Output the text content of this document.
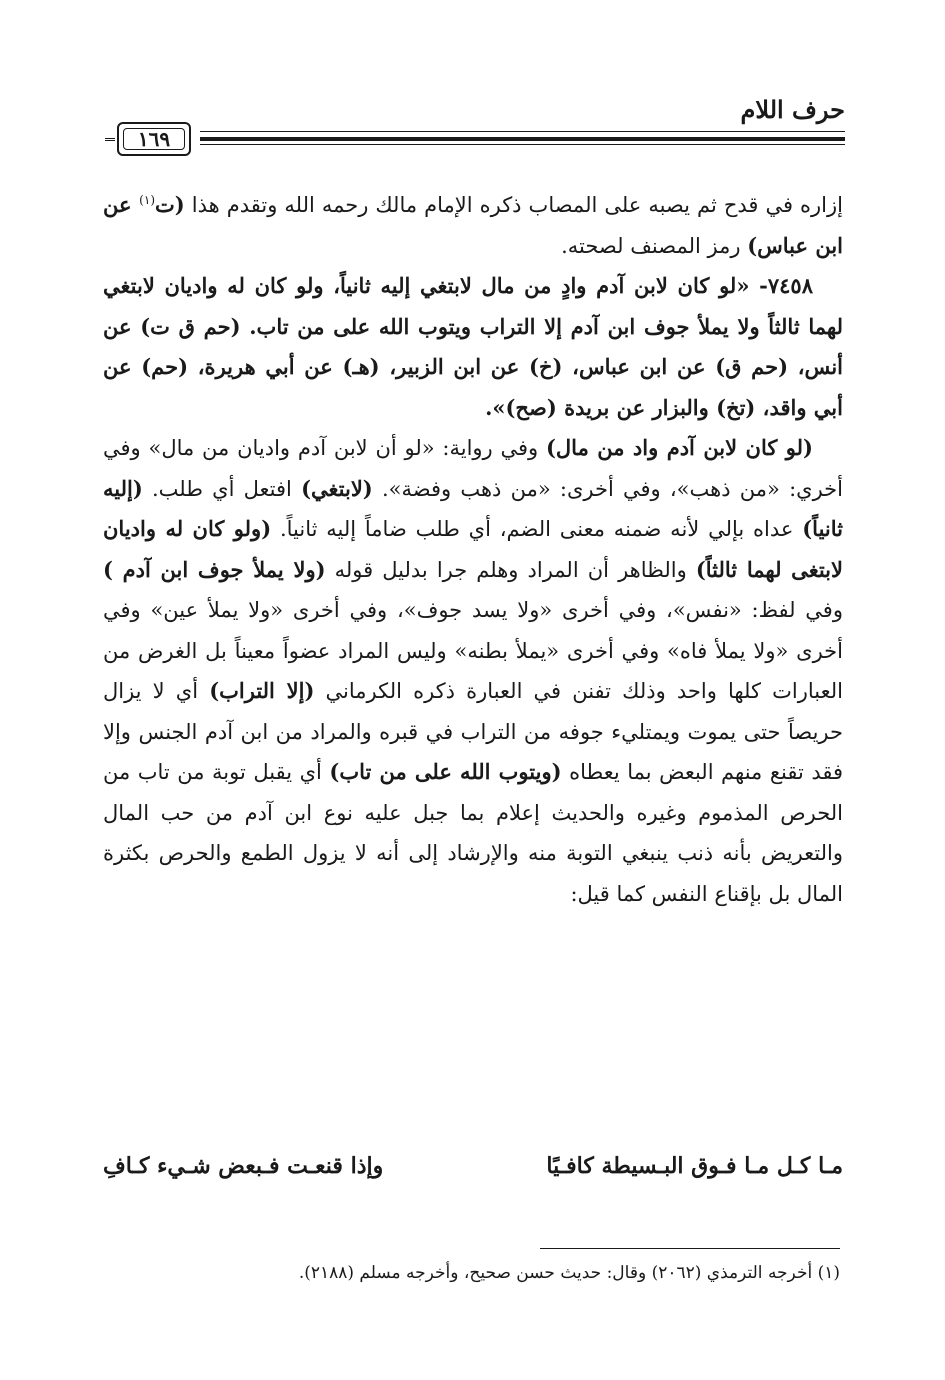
حرف اللام
١٦٩

إزاره في قدح ثم يصبه على المصاب ذكره الإمام مالك رحمه الله وتقدم هذا (ت$^{(١)}$ عن ابن عباس) رمز المصنف لصحته.

٧٤٥٨- «لو كان لابن آدم وادٍ من مال لابتغي إليه ثانياً، ولو كان له واديان لابتغي لهما ثالثاً ولا يملأ جوف ابن آدم إلا التراب ويتوب الله على من تاب. (حم ق ت) عن أنس، (حم ق) عن ابن عباس، (خ) عن ابن الزبير، (هـ) عن أبي هريرة، (حم) عن أبي واقد، (تخ) والبزار عن بريدة (صح)».

(لو كان لابن آدم واد من مال) وفي رواية: «لو أن لابن آدم واديان من مال» وفي أخري: «من ذهب»، وفي أخرى: «من ذهب وفضة». (لابتغي) افتعل أي طلب. (إليه ثانياً) عداه بإلي لأنه ضمنه معنى الضم، أي طلب ضاماً إليه ثانياً. (ولو كان له واديان لابتغى لهما ثالثاً) والظاهر أن المراد وهلم جرا بدليل قوله (ولا يملأ جوف ابن آدم ) وفي لفظ: «نفس»، وفي أخرى «ولا يسد جوف»، وفي أخرى «ولا يملأ عين» وفي أخرى «ولا يملأ فاه» وفي أخرى «يملأ بطنه» وليس المراد عضواً معيناً بل الغرض من العبارات كلها واحد وذلك تفنن في العبارة ذكره الكرماني (إلا التراب) أي لا يزال حريصاً حتى يموت ويمتليء جوفه من التراب في قبره والمراد من ابن آدم الجنس وإلا فقد تقنع منهم البعض بما يعطاه (ويتوب الله على من تاب) أي يقبل توبة من تاب من الحرص المذموم وغيره والحديث إعلام بما جبل عليه نوع ابن آدم من حب المال والتعريض بأنه ذنب ينبغي التوبة منه والإرشاد إلى أنه لا يزول الطمع والحرص بكثرة المال بل بإقناع النفس كما قيل:

مـا كـل مـا فـوق البـسيطة كافـيًا
وإذا قنعـت فـبعض شـيء كـافِ
(١) أخرجه الترمذي (٢٠٦٢) وقال: حديث حسن صحيح، وأخرجه مسلم (٢١٨٨).
